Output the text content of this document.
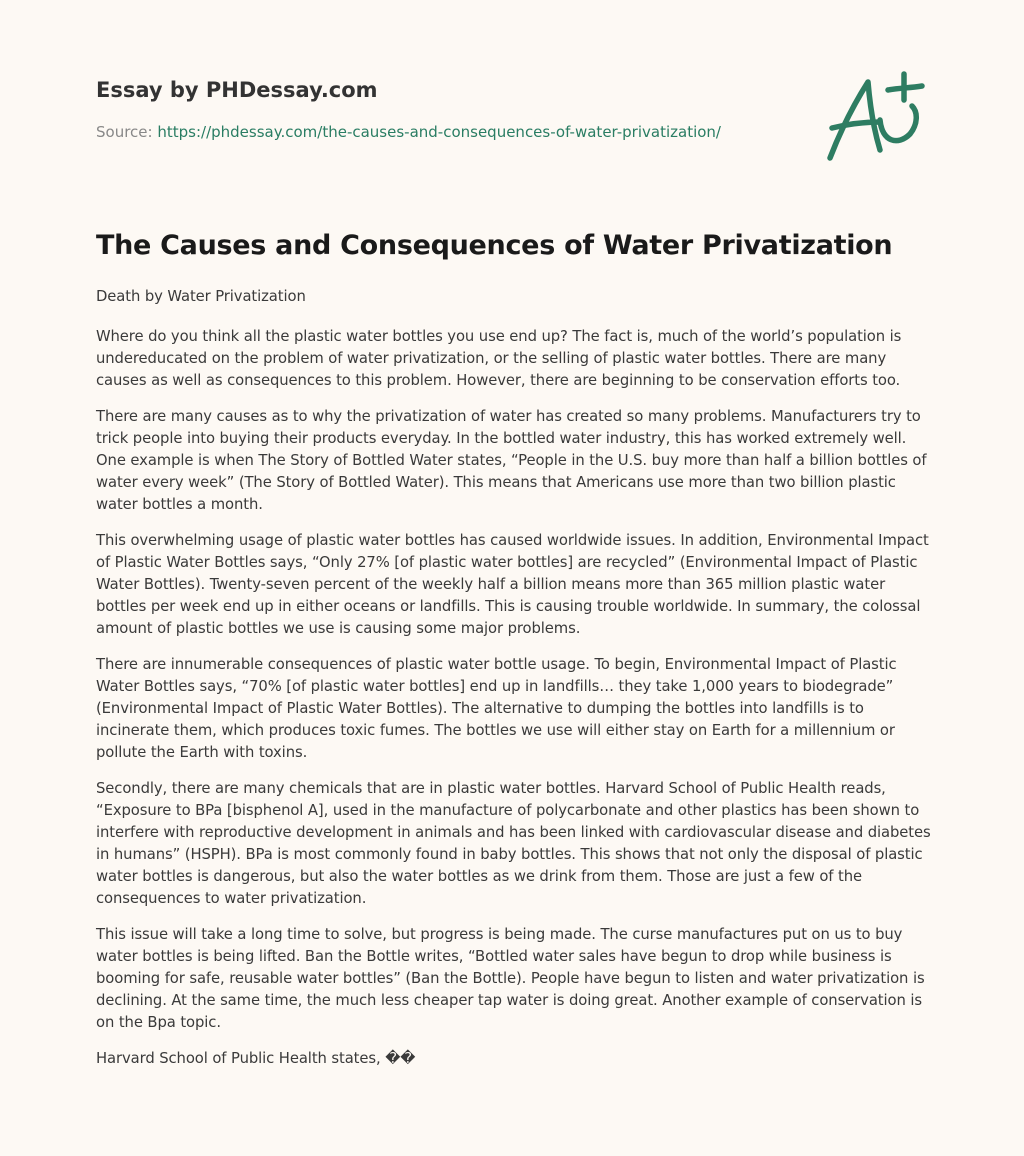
Essay by PHDessay.com
Source: https://phdessay.com/the-causes-and-consequences-of-water-privatization/
The Causes and Consequences of Water Privatization

Death by Water Privatization

Where do you think all the plastic water bottles you use end up? The fact is, much of the world’s population is undereducated on the problem of water privatization, or the selling of plastic water bottles. There are many causes as well as consequences to this problem. However, there are beginning to be conservation efforts too.

There are many causes as to why the privatization of water has created so many problems. Manufacturers try to trick people into buying their products everyday. In the bottled water industry, this has worked extremely well. One example is when The Story of Bottled Water states, “People in the U.S. buy more than half a billion bottles of water every week” (The Story of Bottled Water). This means that Americans use more than two billion plastic water bottles a month.

This overwhelming usage of plastic water bottles has caused worldwide issues. In addition, Environmental Impact of Plastic Water Bottles says, “Only 27% [of plastic water bottles] are recycled” (Environmental Impact of Plastic Water Bottles). Twenty-seven percent of the weekly half a billion means more than 365 million plastic water bottles per week end up in either oceans or landfills. This is causing trouble worldwide. In summary, the colossal amount of plastic bottles we use is causing some major problems.

There are innumerable consequences of plastic water bottle usage. To begin, Environmental Impact of Plastic Water Bottles says, “70% [of plastic water bottles] end up in landfills… they take 1,000 years to biodegrade” (Environmental Impact of Plastic Water Bottles). The alternative to dumping the bottles into landfills is to incinerate them, which produces toxic fumes. The bottles we use will either stay on Earth for a millennium or pollute the Earth with toxins.

Secondly, there are many chemicals that are in plastic water bottles. Harvard School of Public Health reads, “Exposure to BPa [bisphenol A], used in the manufacture of polycarbonate and other plastics has been shown to interfere with reproductive development in animals and has been linked with cardiovascular disease and diabetes in humans” (HSPH). BPa is most commonly found in baby bottles. This shows that not only the disposal of plastic water bottles is dangerous, but also the water bottles as we drink from them. Those are just a few of the consequences to water privatization.

This issue will take a long time to solve, but progress is being made. The curse manufactures put on us to buy water bottles is being lifted. Ban the Bottle writes, “Bottled water sales have begun to drop while business is booming for safe, reusable water bottles” (Ban the Bottle). People have begun to listen and water privatization is declining. At the same time, the much less cheaper tap water is doing great. Another example of conservation is on the Bpa topic.

Harvard School of Public Health states, ��
